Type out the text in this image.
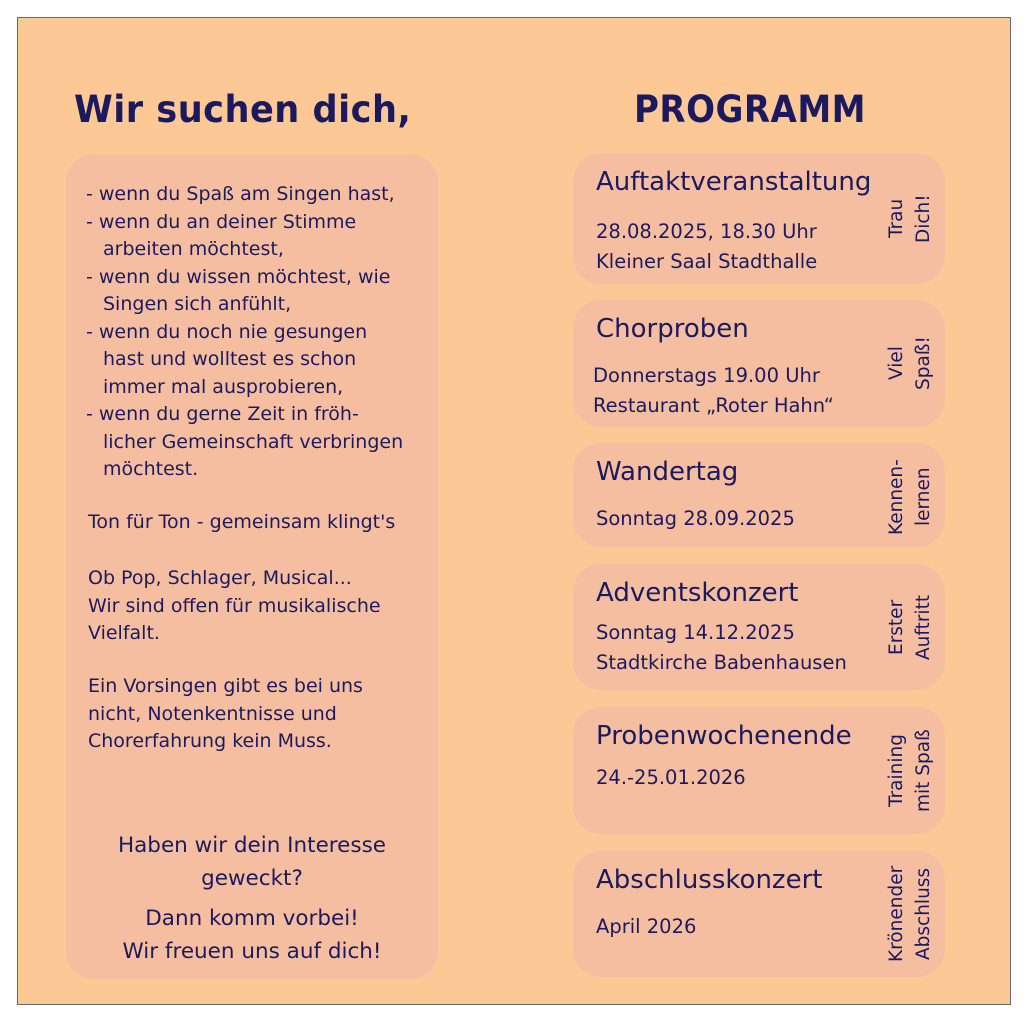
Wir suchen dich,	PROGRAMM
- wenn du Spaß am Singen hast,
- wenn du an deiner Stimme
arbeiten möchtest,
- wenn du wissen möchtest, wie
Singen sich anfühlt,
- wenn du noch nie gesungen
hast und wolltest es schon
immer mal ausprobieren,
- wenn du gerne Zeit in fröh-
licher Gemeinschaft verbringen
möchtest.

Ton für Ton - gemeinsam klingt's

Ob Pop, Schlager, Musical...
Wir sind offen für musikalische
Vielfalt.

Ein Vorsingen gibt es bei uns
nicht, Notenkentnisse und
Chorerfahrung kein Muss.

Haben wir dein Interesse
geweckt?

Dann komm vorbei!
Wir freuen uns auf dich!

Auftaktveranstaltung

28.08.2025, 18.30 Uhr
Kleiner Saal Stadthalle

Trau
Dich!

Chorproben

Donnerstags 19.00 Uhr
Restaurant „Roter Hahn“

Viel
Spaß!

Wandertag

Sonntag 28.09.2025	Kennen-
lernen

Adventskonzert

Sonntag 14.12.2025
Stadtkirche Babenhausen

Erster
Auftritt

Probenwochenende

24.-25.01.2026	Training
mit Spaß

Abschlusskonzert

April 2026	Krönender
Abschluss
